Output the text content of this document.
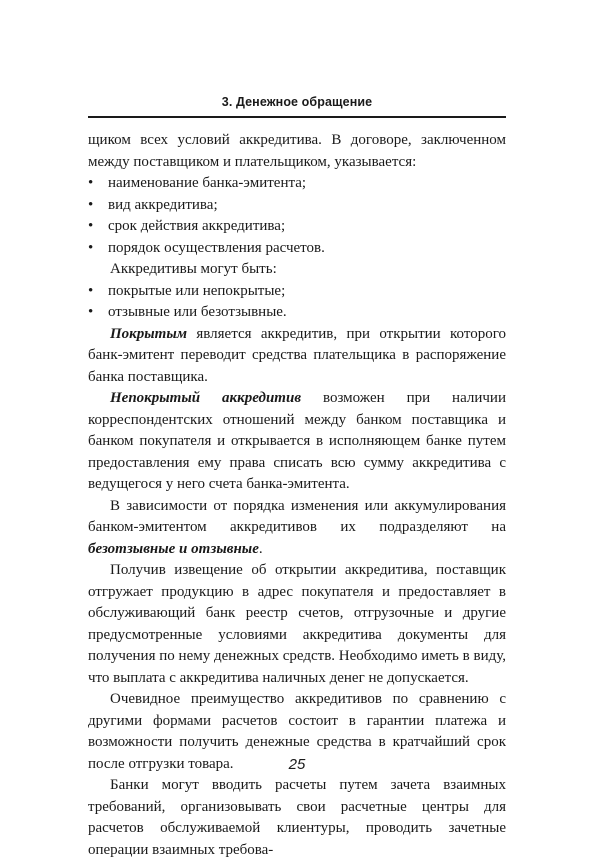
3. Денежное обращение

щиком всех условий аккредитива. В договоре, заключенном между поставщиком и плательщиком, указывается:

• наименование банка-эмитента;

• вид аккредитива;

• срок действия аккредитива;

• порядок осуществления расчетов.

Аккредитивы могут быть:

• покрытые или непокрытые;

• отзывные или безотзывные.

Покрытым является аккредитив, при открытии которого банк-эмитент переводит средства плательщика в распоряжение банка поставщика.

Непокрытый аккредитив возможен при наличии корреспондентских отношений между банком поставщика и банком покупателя и открывается в исполняющем банке путем предоставления ему права списать всю сумму аккредитива с ведущегося у него счета банка-эмитента.

В зависимости от порядка изменения или аккумулирования банком-эмитентом аккредитивов их подразделяют на безотзывные и отзывные.

Получив извещение об открытии аккредитива, поставщик отгружает продукцию в адрес покупателя и предоставляет в обслуживающий банк реестр счетов, отгрузочные и другие предусмотренные условиями аккредитива документы для получения по нему денежных средств. Необходимо иметь в виду, что выплата с аккредитива наличных денег не допускается.

Очевидное преимущество аккредитивов по сравнению с другими формами расчетов состоит в гарантии платежа и возможности получить денежные средства в кратчайший срок после отгрузки товара.

Банки могут вводить расчеты путем зачета взаимных требований, организовывать свои расчетные центры для расчетов обслуживаемой клиентуры, проводить зачетные операции взаимных требова-

25
